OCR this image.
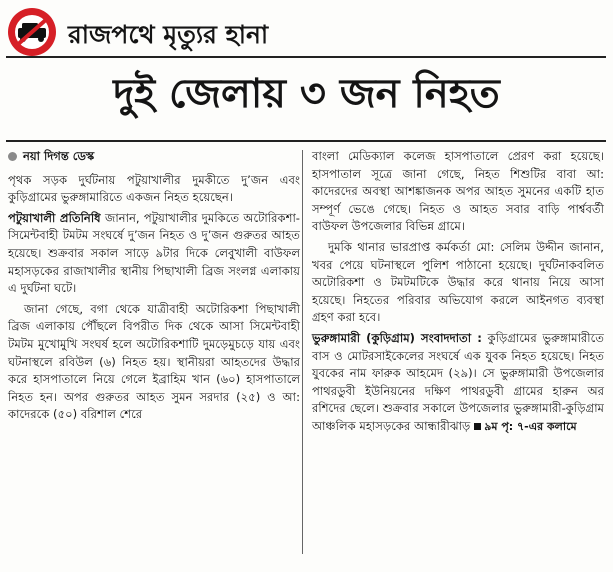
রাজপথে মৃত্যুর হানা
দুই জেলায় ৩ জন নিহত
নয়া দিগন্ত ডেস্ক

পৃথক সড়ক দুর্ঘটনায় পটুয়াখালীর দুমকীতে দু’জন এবং কুড়িগ্রামের ভুরুঙ্গামারিতে একজন নিহত হয়েছেন।

পটুয়াখালী প্রতিনিধি জানান, পটুয়াখালীর দুমকিতে অটোরিকশা-সিমেন্টবাহী টমটম সংঘর্ষে দু’জন নিহত ও দু’জন গুরুতর আহত হয়েছে। শুক্রবার সকাল সাড়ে ৯টার দিকে লেবুখালী বাউফল মহাসড়কের রাজাখালীর স্থানীয় পিছাখালী ব্রিজ সংলগ্ন এলাকায় এ দুর্ঘটনা ঘটে।

জানা গেছে, বগা থেকে যাত্রীবাহী অটোরিকশা পিছাখালী ব্রিজ এলাকায় পৌঁছলে বিপরীত দিক থেকে আসা সিমেন্টবাহী টমটম মুখোমুখি সংঘর্ষ হলে অটোরিকশাটি দুমড়েমুচড়ে যায় এবং ঘটনাস্থলে রবিউল (৬) নিহত হয়। স্থানীয়রা আহতদের উদ্ধার করে হাসপাতালে নিয়ে গেলে ইব্রাহিম খান (৬০) হাসপাতালে নিহত হন। অপর গুরুতর আহত সুমন সরদার (২৫) ও আ: কাদেরকে (৫০) বরিশাল শেরে

বাংলা মেডিক্যাল কলেজ হাসপাতালে প্রেরণ করা হয়েছে। হাসপাতাল সূত্রে জানা গেছে, নিহত শিশুটির বাবা আ: কাদেরদের অবস্থা আশঙ্কাজনক অপর আহত সুমনের একটি হাত সম্পূর্ণ ভেঙে গেছে। নিহত ও আহত সবার বাড়ি পার্শ্ববর্তী বাউফল উপজেলার বিভিন্ন গ্রামে।

দুমকি থানার ভারপ্রাপ্ত কর্মকর্তা মো: সেলিম উদ্দীন জানান, খবর পেয়ে ঘটনাস্থলে পুলিশ পাঠানো হয়েছে। দুর্ঘটনাকবলিত অটোরিকশা ও টমটমটিকে উদ্ধার করে থানায় নিয়ে আসা হয়েছে। নিহতের পরিবার অভিযোগ করলে আইনগত ব্যবস্থা গ্রহণ করা হবে।

ভুরুঙ্গামারী (কুড়িগ্রাম) সংবাদদাতা : কুড়িগ্রামের ভুরুঙ্গামারীতে বাস ও মোটরসাইকেলের সংঘর্ষে এক যুবক নিহত হয়েছে। নিহত যুবকের নাম ফারুক আহমেদ (২৯)। সে ভুরুঙ্গামারী উপজেলার পাথরডুবী ইউনিয়নের দক্ষিণ পাথরডুবী গ্রামের হারুন অর রশিদের ছেলে। শুক্রবার সকালে উপজেলার ভুরুঙ্গামারী-কুড়িগ্রাম আঞ্চলিক মহাসড়কের আন্ধারীঝাড় ৯ম পৃ: ৭-এর কলামে
